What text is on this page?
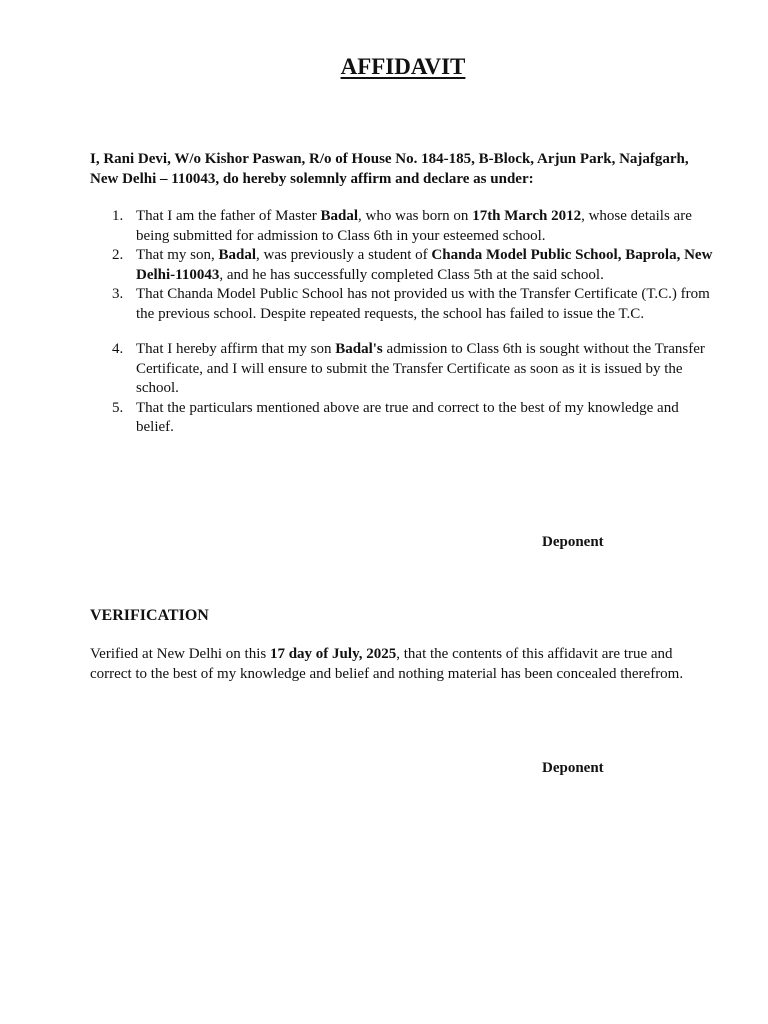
AFFIDAVIT
I, Rani Devi, W/o Kishor Paswan, R/o of House No. 184-185, B-Block, Arjun Park, Najafgarh, New Delhi – 110043, do hereby solemnly affirm and declare as under:
1. That I am the father of Master Badal, who was born on 17th March 2012, whose details are being submitted for admission to Class 6th in your esteemed school.
2. That my son, Badal, was previously a student of Chanda Model Public School, Baprola, New Delhi-110043, and he has successfully completed Class 5th at the said school.
3. That Chanda Model Public School has not provided us with the Transfer Certificate (T.C.) from the previous school. Despite repeated requests, the school has failed to issue the T.C.
4. That I hereby affirm that my son Badal's admission to Class 6th is sought without the Transfer Certificate, and I will ensure to submit the Transfer Certificate as soon as it is issued by the school.
5. That the particulars mentioned above are true and correct to the best of my knowledge and belief.
Deponent
VERIFICATION
Verified at New Delhi on this 17 day of July, 2025, that the contents of this affidavit are true and correct to the best of my knowledge and belief and nothing material has been concealed therefrom.
Deponent
